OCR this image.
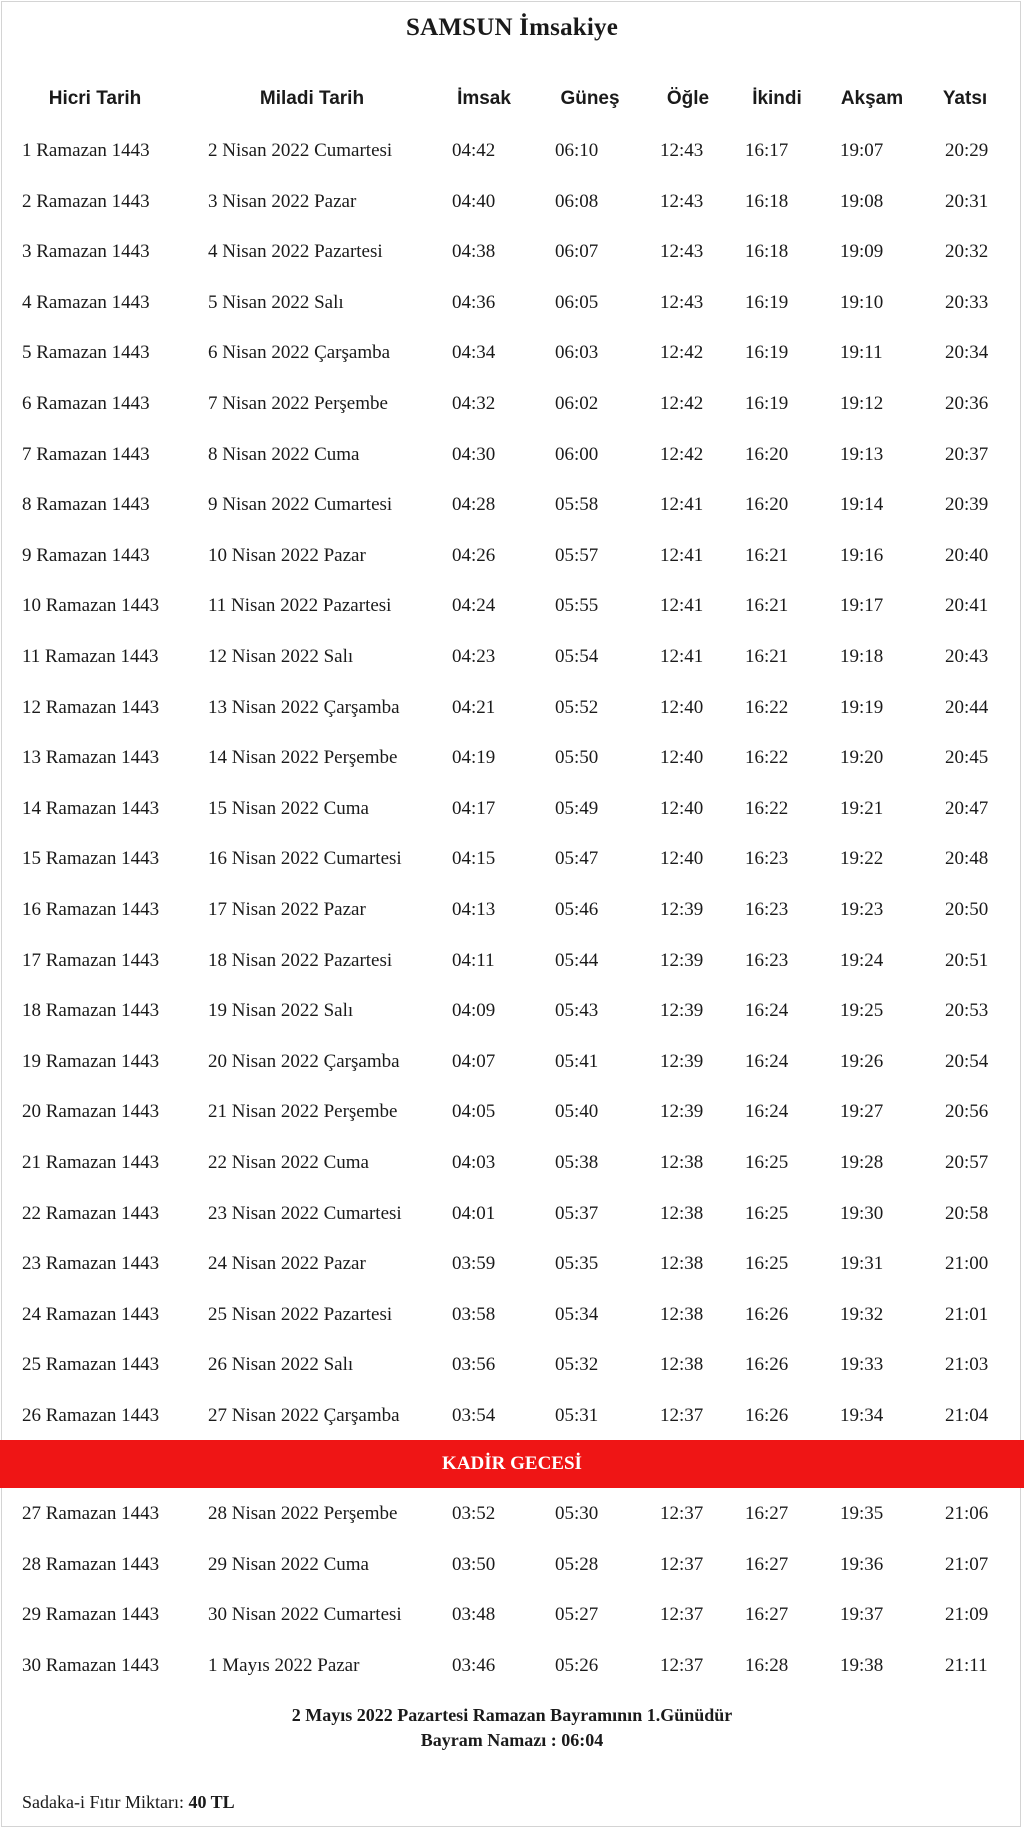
SAMSUN İmsakiye
Hicri Tarih	Miladi Tarih	İmsak	Güneş	Öğle	İkindi	Akşam	Yatsı
1 Ramazan 1443	2 Nisan 2022 Cumartesi	04:42	06:10	12:43 16:17	19:07	20:29
2 Ramazan 1443	3 Nisan 2022 Pazar	04:40	06:08	12:43 16:18	19:08	20:31
3 Ramazan 1443	4 Nisan 2022 Pazartesi	04:38	06:07	12:43 16:18	19:09	20:32
4 Ramazan 1443	5 Nisan 2022 Salı	04:36	06:05	12:43 16:19	19:10	20:33
5 Ramazan 1443	6 Nisan 2022 Çarşamba	04:34	06:03	12:42 16:19	19:11	20:34
6 Ramazan 1443	7 Nisan 2022 Perşembe	04:32	06:02	12:42 16:19	19:12	20:36
7 Ramazan 1443	8 Nisan 2022 Cuma	04:30	06:00	12:42 16:20	19:13	20:37
8 Ramazan 1443	9 Nisan 2022 Cumartesi	04:28	05:58	12:41 16:20	19:14	20:39
9 Ramazan 1443	10 Nisan 2022 Pazar	04:26	05:57	12:41 16:21	19:16	20:40
10 Ramazan 1443	11 Nisan 2022 Pazartesi	04:24	05:55	12:41 16:21	19:17	20:41
11 Ramazan 1443	12 Nisan 2022 Salı	04:23	05:54	12:41 16:21	19:18	20:43
12 Ramazan 1443	13 Nisan 2022 Çarşamba	04:21	05:52	12:40 16:22	19:19	20:44
13 Ramazan 1443	14 Nisan 2022 Perşembe	04:19	05:50	12:40 16:22	19:20	20:45
14 Ramazan 1443	15 Nisan 2022 Cuma	04:17	05:49	12:40 16:22	19:21	20:47
15 Ramazan 1443	16 Nisan 2022 Cumartesi	04:15	05:47	12:40 16:23	19:22	20:48
16 Ramazan 1443	17 Nisan 2022 Pazar	04:13	05:46	12:39 16:23	19:23	20:50
17 Ramazan 1443	18 Nisan 2022 Pazartesi	04:11	05:44	12:39 16:23	19:24	20:51
18 Ramazan 1443	19 Nisan 2022 Salı	04:09	05:43	12:39 16:24	19:25	20:53
19 Ramazan 1443	20 Nisan 2022 Çarşamba	04:07	05:41	12:39 16:24	19:26	20:54
20 Ramazan 1443	21 Nisan 2022 Perşembe	04:05	05:40	12:39 16:24	19:27	20:56
21 Ramazan 1443	22 Nisan 2022 Cuma	04:03	05:38	12:38 16:25	19:28	20:57
22 Ramazan 1443	23 Nisan 2022 Cumartesi	04:01	05:37	12:38 16:25	19:30	20:58
23 Ramazan 1443	24 Nisan 2022 Pazar	03:59	05:35	12:38 16:25	19:31	21:00
24 Ramazan 1443	25 Nisan 2022 Pazartesi	03:58	05:34	12:38 16:26	19:32	21:01
25 Ramazan 1443	26 Nisan 2022 Salı	03:56	05:32	12:38 16:26	19:33	21:03
26 Ramazan 1443	27 Nisan 2022 Çarşamba	03:54	05:31	12:37 16:26	19:34	21:04
KADİR GECESİ
27 Ramazan 1443	28 Nisan 2022 Perşembe	03:52	05:30	12:37 16:27	19:35	21:06
28 Ramazan 1443	29 Nisan 2022 Cuma	03:50	05:28	12:37 16:27	19:36	21:07
29 Ramazan 1443	30 Nisan 2022 Cumartesi	03:48	05:27	12:37 16:27	19:37	21:09
30 Ramazan 1443	1 Mayıs 2022 Pazar	03:46	05:26	12:37 16:28	19:38	21:11
2 Mayıs 2022 Pazartesi Ramazan Bayramının 1.Günüdür
Bayram Namazı : 06:04
Sadaka-i Fıtır Miktarı: 40 TL
